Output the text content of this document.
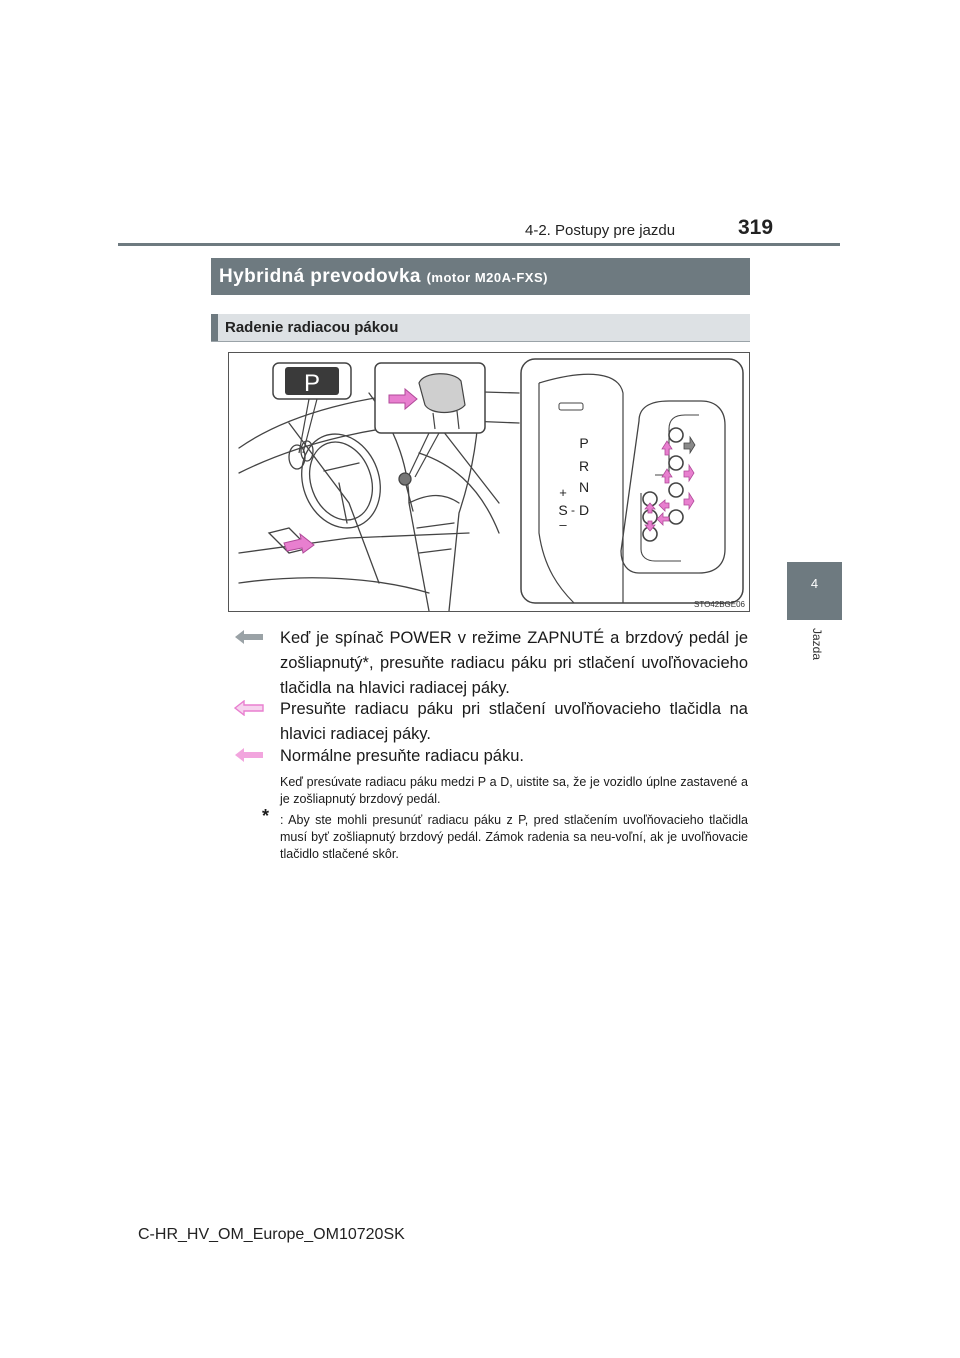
4-2. Postupy pre jazdu	319
4
Jazda
Hybridná prevodovka (motor M20A-FXS)
Radenie radiacou pákou
P
P
R
N
D
+
S -
–
STO42BGE06
Keď je spínač POWER v režime ZAPNUTÉ a brzdový pedál je zošliapnutý*, presuňte radiacu páku pri stlačení uvoľňovacieho tlačidla na hlavici radiacej páky.
Presuňte radiacu páku pri stlačení uvoľňovacieho tlačidla na hlavici radiacej páky.
Normálne presuňte radiacu páku.
Keď presúvate radiacu páku medzi P a D, uistite sa, že je vozidlo úplne zastavené a je zošliapnutý brzdový pedál.
* : Aby ste mohli presunúť radiacu páku z P, pred stlačením uvoľňovacieho tlačidla musí byť zošliapnutý brzdový pedál. Zámok radenia sa neu-voľní, ak je uvoľňovacie tlačidlo stlačené skôr.
C-HR_HV_OM_Europe_OM10720SK
